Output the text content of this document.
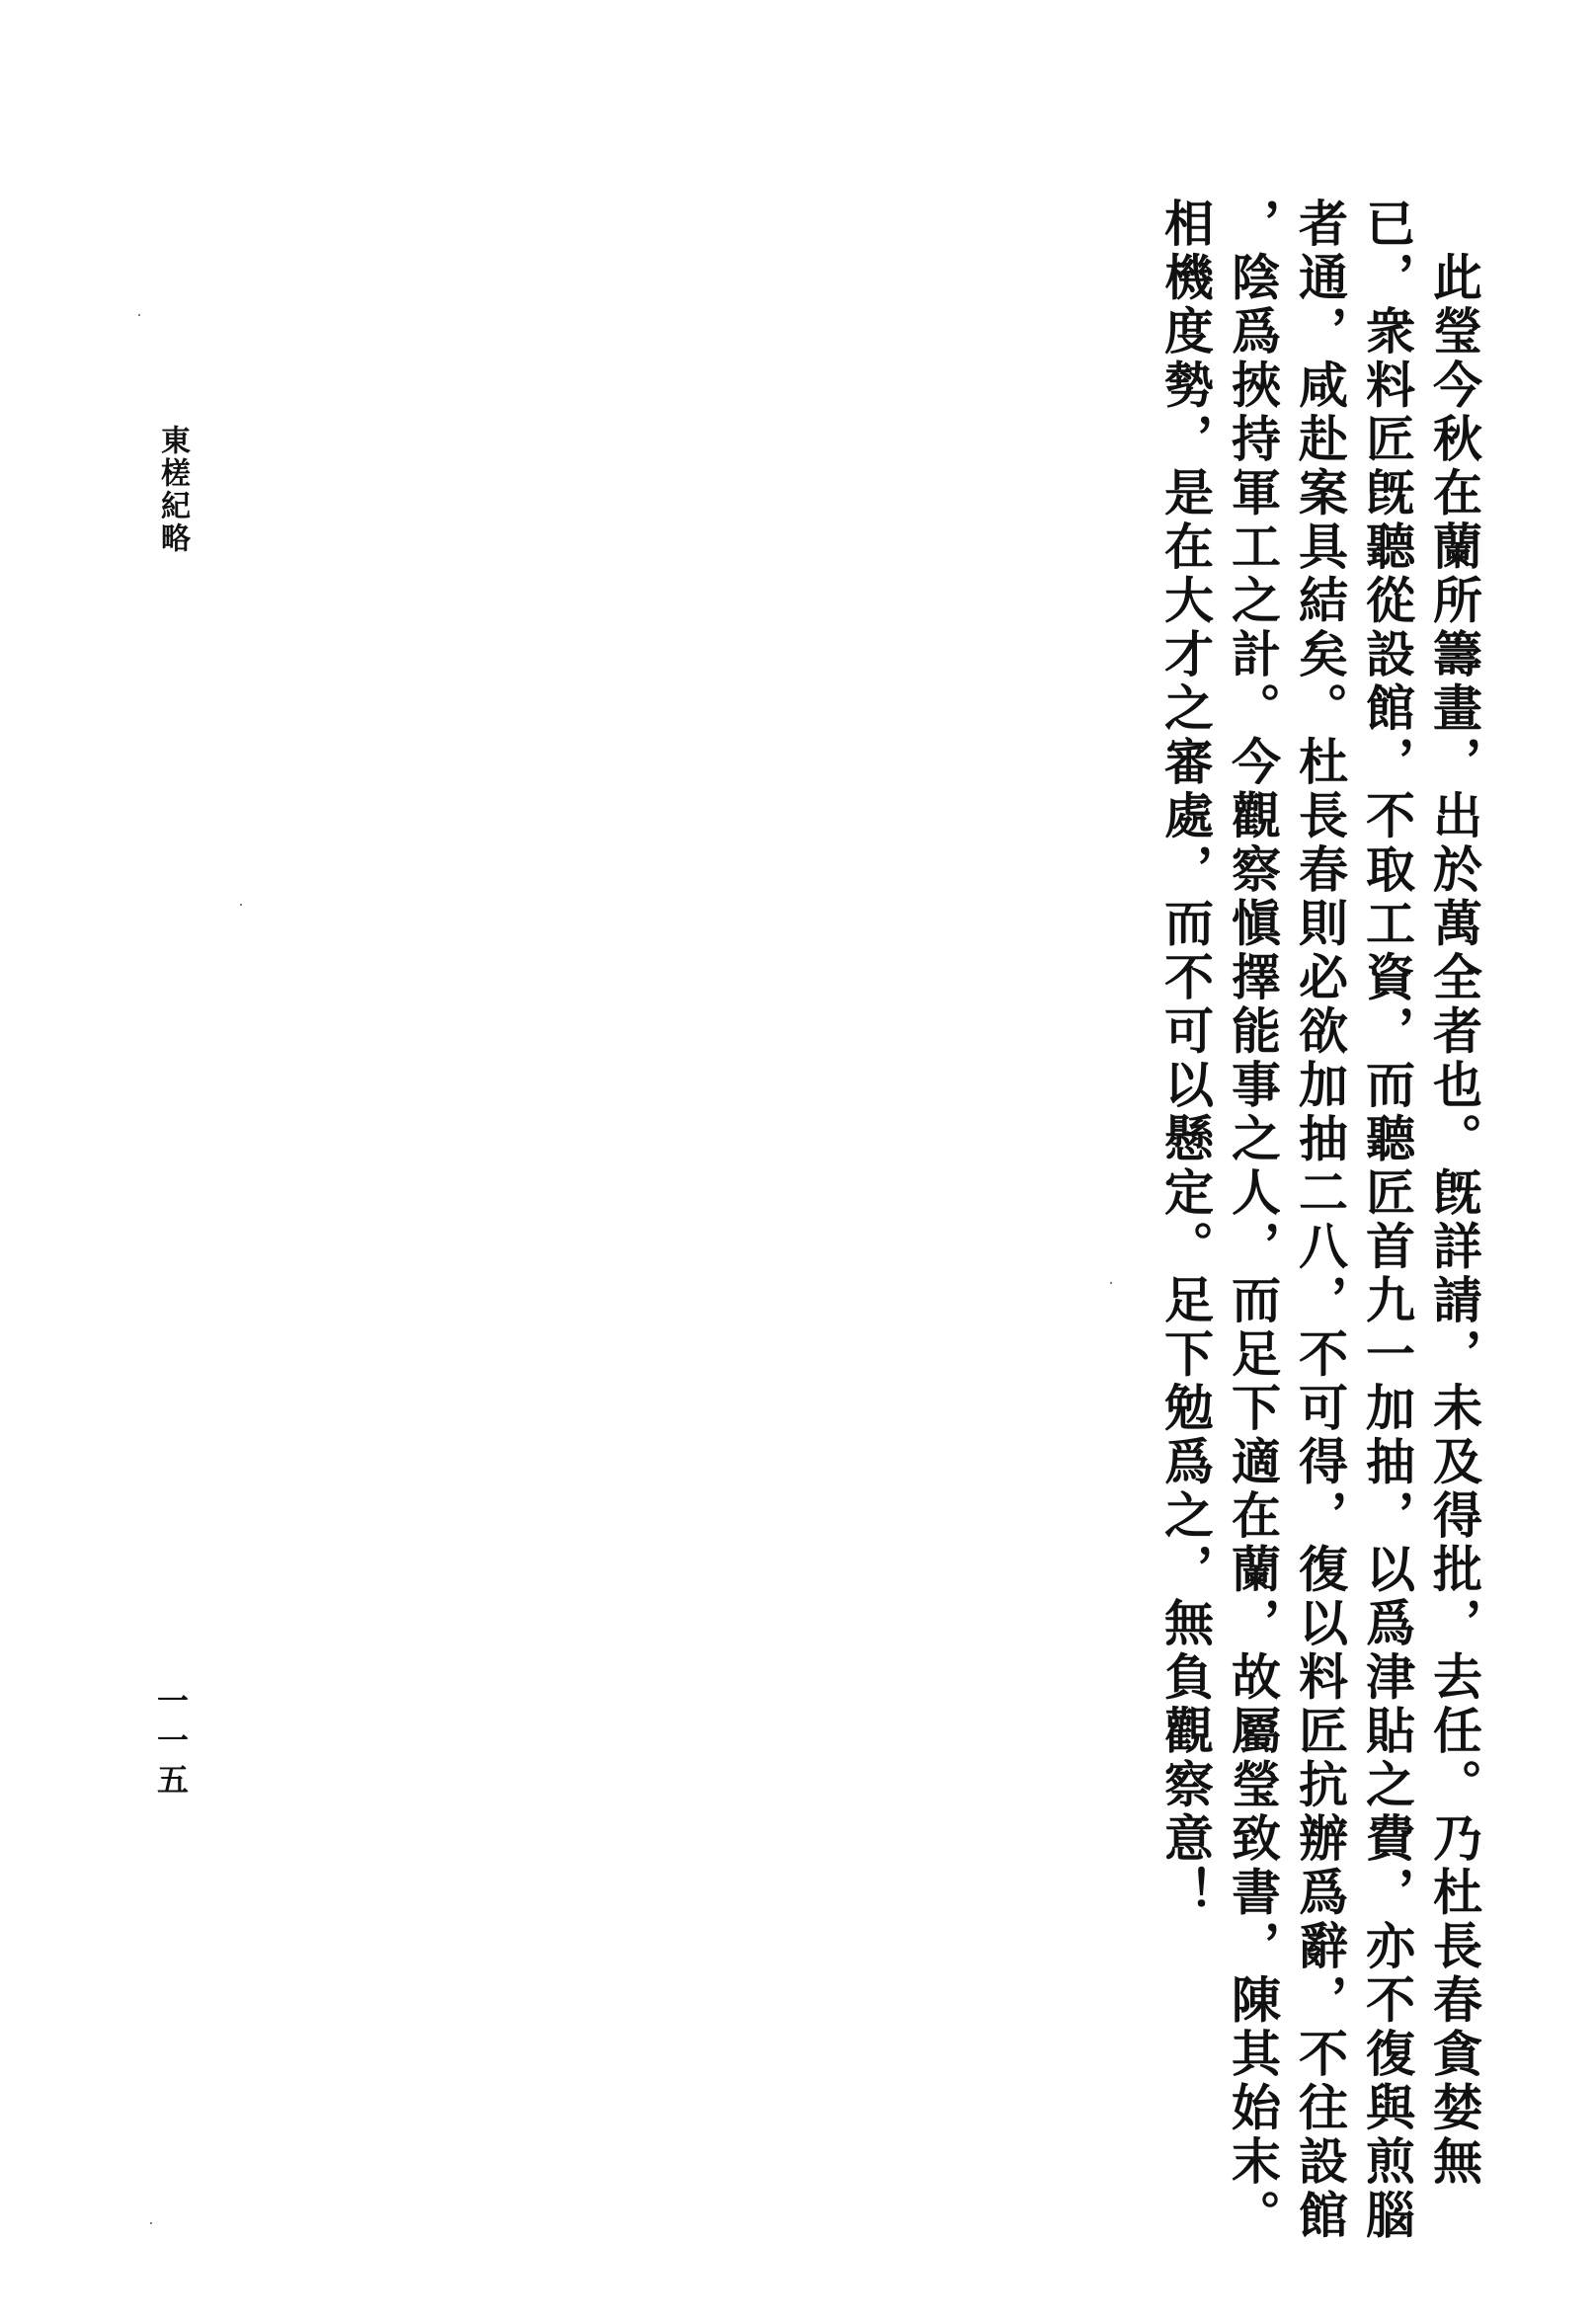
　此瑩今秋在蘭所籌畫，出於萬全者也。旣詳請，未及得批，去任。乃杜長春貪婪無
已，衆料匠旣聽從設館，不取工資，而聽匠首九一加抽，以爲津貼之費，亦不復與煎腦
者通，咸赴案具結矣。杜長春則必欲加抽二八，不可得，復以料匠抗辦爲辭，不往設館
，陰爲挾持軍工之計。今觀察愼擇能事之人，而足下適在蘭，故屬瑩致書，陳其始末。
相機度勢，是在大才之審處，而不可以懸定。足下勉爲之，無負觀察意！
東槎紀略
一一五
